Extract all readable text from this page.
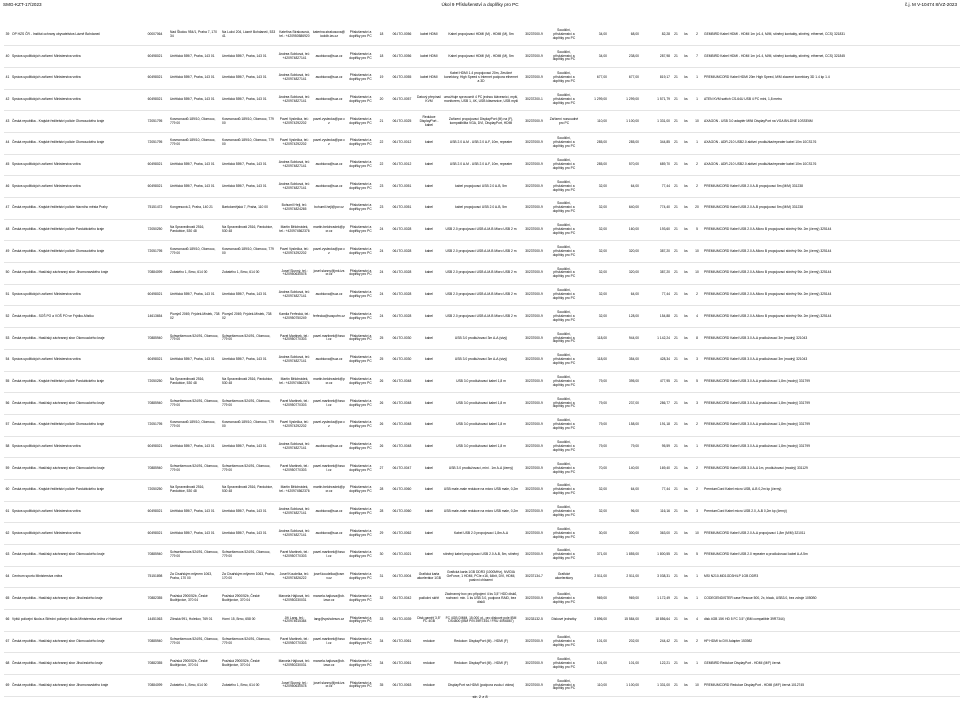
SMG-KZT-17/2023	Úkol 9 Příslušenství a doplňky pro PC	č.j. M V-10474 8/VZ-2023
39	OP HZS ČR - Institut ochrany obyvatelstva Lázně Bohdaneč	00007064	Nad Školou 954/1, Praha 7, 170 34	Na Lužci 204, Lázně Bohdaneč, 533 41	Kateřina Strakosová, tel.: +420950586920	katerina.strakosova@iooldb.izs.cz	Příslušenství a doplňky pro PC	18	06-ITO-0056	kabel HDMI	Kabel propojovací HDMI (M) - HDMI (M), 5m	30237000-9	Soudiční, příslušenství a doplňky pro PC	34,00	68,00	82,28	21	ks	2	GEMBIRD Kabel HDMI - HDMI 1m (v1.4, M/M, stíněný kontakty, stíněný, ethernet, CCS) 321831
40	Správa upolitických zařízení Ministerstva vnitra	60498021	Unětická 559/7, Praha, 143 01	Unetická 559/7, Praha, 143 01	Andrea Sobková, tel.: +420974827141	asobkova@suz.cz	Příslušenství a doplňky pro PC	18	06-ITO-0056	kabel HDMI	Kabel propojovací HDMI (M) - HDMI (M), 5m	30237000-9	Soudiční, příslušenství a doplňky pro PC	34,00	238,00	287,98	21	ks	7	GEMBIRD Kabel HDMI - HDMI 1m (v1.4, M/M, stíněný kontakty, stíněný, ethernet, CCS) 321845
41	Správa upolitických zařízení Ministerstva vnitra	60498021	Unětická 559/7, Praha, 143 01	Unetická 559/7, Praha, 143 01	Andrea Sobková, tel.: +420974827141	asobkova@suz.cz	Příslušenství a doplňky pro PC	19	06-ITO-0055	kabel HDMI	Kabel HDMI 1.4 propojovací 20m, Zesíčné konektory, High Speed s Internet podpora ethernet a 3D	30237000-9	Soudiční, příslušenství a doplňky pro PC	677,00	677,00	819,17	21	ks	1	PREMIUMCORD Kabel HDMI 20m High Speed, M/M zlacené konektory 3D 1.4 kp 1.4
42	Správa upolitických zařízení Ministerstva vnitra	60498021	Unětická 559/7, Praha, 143 01	Unetická 559/7, Praha, 143 01	Andrea Sobková, tel.: +420974827141	asobkova@suz.cz	Příslušenství a doplňky pro PC	20	06-ITO-0057	Datový přepínač KVM	umožňuje sprovoznit 4 PC jednou klávesnicí, myší, monitorem, USB 1, 4K, USB klávesnice, USB myši	30237200-1	Soudiční, příslušenství a doplňky pro PC	1 299,00	1 299,00	1 571,79	21	ks	1	ATEN KVM switch CS-64U USB 4 PC mini, 1,8 metru
43	Česká republika - Krajské ředitelství policie Olomouckého kraje	72051795	Kosmonautů 189/10, Olomouc, 779 00	Kosmonautů 189/10, Olomouc, 779 00	Pavel Vyslečka, tel.: +420974292202	pavel.vyslecka@pcr.cz	Příslušenství a doplňky pro PC	21	06-ITO-0025	Redukce DisplayPort - kabel	Zařízení propojovací DisplayPort (M) na (F), kompatibilita VGA, DVI, DisplayPort, HDMI	30237000-9	Zařízení rozsoudné pro PC	110,00	1 100,00	1 331,00	21	ks	10	AXAGON - USB 3.0 adaptér MINI DisplayPort na VGA BN-DNE 10SSE6M
44	Česká republika - Krajské ředitelství policie Olomouckého kraje	72051795	Kosmonautů 189/10, Olomouc, 779 00	Kosmonautů 189/10, Olomouc, 779 00	Pavel Vyslečka, tel.: +420974292202	pavel.vyslecka@pcr.cz	Příslušenství a doplňky pro PC	22	06-ITO-0012	kabel	USB 2.0 A-M - USB 2.0 A-F, 10m, repeater	30237000-9	Soudiční, příslušenství a doplňky pro PC	285,00	285,00	344,85	21	ks	1	AXAGON - ADR-210 USB2.0 aktivní prodlužka/repeater kabel 10m 10CS176
45	Správa upolitických zařízení Ministerstva vnitra	60498021	Unětická 559/7, Praha, 143 01	Unetická 559/7, Praha, 143 01	Andrea Sobková, tel.: +420974827141	asobkova@suz.cz	Příslušenství a doplňky pro PC	22	06-ITO-0012	kabel	USB 2.0 A-M - USB 2.0 A-F, 10m, repeater	30237000-9	Soudiční, příslušenství a doplňky pro PC	285,00	570,00	689,70	21	ks	2	AXAGON - ADR-210 USB2.0 aktivní prodlužka/repeater kabel 10m 10CS176
46	Správa upolitických zařízení Ministerstva vnitra	60498021	Unětická 559/7, Praha, 143 01	Unetická 559/7, Praha, 143 01	Andrea Sobková, tel.: +420974827141	asobkova@suz.cz	Příslušenství a doplňky pro PC	23	06-ITO-0051	kabel	kabel propojovací USB 2.0 A-B, 5m	30237000-9	Soudiční, příslušenství a doplňky pro PC	32,00	64,00	77,44	21	ks	2	PREMIUMCORD Kabel USB 2.0 A-B propojovací 5m (M/M) 331238
47	Česká republika - Krajské ředitelství policie hlavního města Prahy	75151472	Kongresová 2, Praha, 140 21	Bartolomějská 7, Praha, 110 00	Bohumil Hejl, tel.: +420974824265	bohumil.hejl@pcr.cz	Příslušenství a doplňky pro PC	23	06-ITO-0051	kabel	kabel propojovací USB 2.0 A-B, 5m	30237000-9	Soudiční, příslušenství a doplňky pro PC	32,00	640,00	774,40	21	ks	20	PREMIUMCORD Kabel USB 2.0 A-B propojovací 5m (M/M) 331238
48	Česká republika - Krajské ředitelství policie Pardubického kraje	72050250	Na Spravedlnosti 2516, Pardubice, 530 48	Na Spravedlnosti 2516, Pardubice, 530 48	Martin Bělohrádek, tel.: +420974562376	martin.belohradek@pcr.cz	Příslušenství a doplňky pro PC	24	06-ITO-0028	kabel	USB 2.0 propojovací USB A-M-B Micro USB 2 m	30237000-9	Soudiční, příslušenství a doplňky pro PC	32,00	160,00	193,60	21	ks	5	PREMIUMCORD Kabel USB 2.0 A-Micro B propojovací stíněný 9šr. 2m (černý) 325144
49	Česká republika - Krajské ředitelství policie Olomouckého kraje	72051795	Kosmonautů 189/10, Olomouc, 779 00	Kosmonautů 189/10, Olomouc, 779 00	Pavel Vyslečka, tel.: +420974292202	pavel.vyslecka@pcr.cz	Příslušenství a doplňky pro PC	24	06-ITO-0028	kabel	USB 2.0 propojovací USB A-M-B Micro USB 2 m	30237000-9	Soudiční, příslušenství a doplňky pro PC	32,00	320,00	387,20	21	ks	10	PREMIUMCORD Kabel USB 2.0 A-Micro B propojovací stíněný 9šr. 2m (černý) 325144
50	Česká republika - Hasičský záchranný sbor Jihomoravského kraje	70884099	Zubatého 1, Brno, 614 00	Zubatého 1, Brno, 614 00	Josef Slunný, tel.: +420950630578	josef.slunny@jmk.izscr.cz	Příslušenství a doplňky pro PC	24	06-ITO-0028	kabel	USB 2.0 propojovací USB A-M-B Micro USB 2 m	30237000-9	Soudiční, příslušenství a doplňky pro PC	32,00	320,00	387,20	21	ks	10	PREMIUMCORD Kabel USB 2.0 A-Micro B propojovací stíněný 9šr. 2m (černý) 325144
51	Správa upolitických zařízení Ministerstva vnitra	60498021	Unětická 559/7, Praha, 143 01	Unetická 559/7, Praha, 143 01	Andrea Sobková, tel.: +420974827141	asobkova@suz.cz	Příslušenství a doplňky pro PC	24	06-ITO-0028	kabel	USB 2.0 propojovací USB A-M-B Micro USB 2 m	30237000-9	Soudiční, příslušenství a doplňky pro PC	32,00	64,00	77,44	21	ks	2	PREMIUMCORD Kabel USB 2.0 A-Micro B propojovací stíněný 9šr. 2m (černý) 325144
52	Česká republika - SOŠ PO a VOŠ PO ve Frýdku-Místku	14613654	Pionýrů 2069, Frýdek-Místek, 738 02	Pionýrů 2069, Frýdek-Místek, 738 02	Kamila Ferfecká, tel.: +420950750249	ferfecka@sospofm.cz	Příslušenství a doplňky pro PC	24	06-ITO-0028	kabel	USB 2.0 propojovací USB A-M-B Micro USB 2 m	30237000-9	Soudiční, příslušenství a doplňky pro PC	32,00	128,00	154,88	21	ks	4	PREMIUMCORD Kabel USB 2.0 A-Micro B propojovací stíněný 9šr. 2m (černý) 325144
53	Česká republika - Hasičský záchranný sbor Olomouckého kraje	70885940	Schweitzerova 524/91, Olomouc, 779 00	Schweitzerova 524/91, Olomouc, 779 00	Pavel Martinek, tel.: +420950770303	pavel.martinek@hzsol.cz	Příslušenství a doplňky pro PC	25	06-ITO-0030	kabel	USB 3.0 prodlužovací 3m A-A (sivý)	30237000-9	Soudiční, příslušenství a doplňky pro PC	118,00	944,00	1 142,24	21	ks	8	PREMIUMCORD Kabel USB 3.0 A-A prodlužovací 3m (modrý) 321043
54	Správa upolitických zařízení Ministerstva vnitra	60498021	Unětická 559/7, Praha, 143 01	Unetická 559/7, Praha, 143 01	Andrea Sobková, tel.: +420974827141	asobkova@suz.cz	Příslušenství a doplňky pro PC	25	06-ITO-0030	kabel	USB 3.0 prodlužovací 3m A-A (sivý)	30237000-9	Soudiční, příslušenství a doplňky pro PC	118,00	354,00	428,34	21	ks	3	PREMIUMCORD Kabel USB 3.0 A-A prodlužovací 3m (modrý) 321043
55	Česká republika - Krajské ředitelství policie Pardubického kraje	72050250	Na Spravedlnosti 2516, Pardubice, 530 48	Na Spravedlnosti 2516, Pardubice, 530 48	Martin Bělohrádek, tel.: +420974562376	martin.belohradek@pcr.cz	Příslušenství a doplňky pro PC	26	06-ITO-0048	kabel	USB 3.0 prodlužovací kabel 1,8 m	30237000-9	Soudiční, příslušenství a doplňky pro PC	79,00	395,00	477,95	21	ks	5	PREMIUMCORD Kabel USB 3.0 A-A prodlužovací 1,8m (modrý) 331799
56	Česká republika - Hasičský záchranný sbor Olomouckého kraje	70885940	Schweitzerova 524/91, Olomouc, 779 00	Schweitzerova 524/91, Olomouc, 779 00	Pavel Martinek, tel.: +420950770303	pavel.martinek@hzsol.cz	Příslušenství a doplňky pro PC	26	06-ITO-0048	kabel	USB 3.0 prodlužovací kabel 1,8 m	30237000-9	Soudiční, příslušenství a doplňky pro PC	79,00	237,00	286,77	21	ks	3	PREMIUMCORD Kabel USB 3.0 A-A prodlužovací 1,8m (modrý) 331799
57	Česká republika - Krajské ředitelství policie Olomouckého kraje	72051795	Kosmonautů 189/10, Olomouc, 779 00	Kosmonautů 189/10, Olomouc, 779 00	Pavel Vyslečka, tel.: +420974292202	pavel.vyslecka@pcr.cz	Příslušenství a doplňky pro PC	26	06-ITO-0048	kabel	USB 3.0 prodlužovací kabel 1,8 m	30237000-9	Soudiční, příslušenství a doplňky pro PC	79,00	158,00	191,18	21	ks	2	PREMIUMCORD Kabel USB 3.0 A-A prodlužovací 1,8m (modrý) 331799
58	Správa upolitických zařízení Ministerstva vnitra	60498021	Unětická 559/7, Praha, 143 01	Unetická 559/7, Praha, 143 01	Andrea Sobková, tel.: +420974827141	asobkova@suz.cz	Příslušenství a doplňky pro PC	26	06-ITO-0048	kabel	USB 3.0 prodlužovací kabel 1,8 m	30237000-9	Soudiční, příslušenství a doplňky pro PC	79,00	79,00	95,59	21	ks	1	PREMIUMCORD Kabel USB 3.0 A-A prodlužovací 1,8m (modrý) 331799
59	Česká republika - Hasičský záchranný sbor Olomouckého kraje	70885940	Schweitzerova 524/91, Olomouc, 779 00	Schweitzerova 524/91, Olomouc, 779 00	Pavel Martinek, tel.: +420950770303	pavel.martinek@hzsol.cz	Příslušenství a doplňky pro PC	27	06-ITO-0047	kabel	USB 3.0 prodlužovací, mini . 1m A-A (černý)	30237000-9	Soudiční, příslušenství a doplňky pro PC	70,00	140,00	169,40	21	ks	2	PREMIUMCORD Kabel USB 3.0 A-A 1m, prodlužovací (modrý) 331129
60	Česká republika - Krajské ředitelství policie Pardubického kraje	72050250	Na Spravedlnosti 2516, Pardubice, 530 48	Na Spravedlnosti 2516, Pardubice, 530 48	Martin Bělohrádek, tel.: +420974562376	martin.belohradek@pcr.cz	Příslušenství a doplňky pro PC	28	06-ITO-0060	kabel	USB male-male redukce na micro USB male, 0,2m	30237000-9	Soudiční, příslušenství a doplňky pro PC	32,00	64,00	77,44	21	ks	2	PremiumCord Kabel micro USB, A-B 0,2m kp (černý)
61	Správa upolitických zařízení Ministerstva vnitra	60498021	Unětická 559/7, Praha, 143 01	Unetická 559/7, Praha, 143 01	Andrea Sobková, tel.: +420974827141	asobkova@suz.cz	Příslušenství a doplňky pro PC	28	06-ITO-0060	kabel	USB male-male redukce na micro USB male, 0,2m	30237000-9	Soudiční, příslušenství a doplňky pro PC	32,00	96,00	116,16	21	ks	3	PremiumCord Kabel micro USB 2.0, A-B 0,2m kp (černý)
62	Správa upolitických zařízení Ministerstva vnitra	60498021	Unětická 559/7, Praha, 143 01	Unetická 559/7, Praha, 143 01	Andrea Sobková, tel.: +420974827141	asobkova@suz.cz	Příslušenství a doplňky pro PC	29	06-ITO-0062	kabel	Kabel USB 2.0 propojovací 1,8m A-A	30237000-9	Soudiční, příslušenství a doplňky pro PC	30,00	300,00	363,00	21	ks	10	PREMIUMCORD Kabel USB 2.0 A-A propojovací 1,8m (M/M) 321011
63	Česká republika - Hasičský záchranný sbor Olomouckého kraje	70885940	Schweitzerova 524/91, Olomouc, 779 00	Schweitzerova 524/91, Olomouc, 779 00	Pavel Martinek, tel.: +420950770303	pavel.martinek@hzsol.cz	Příslušenství a doplňky pro PC	30	06-ITO-0021	kabel	stíněný kabel propojovací USB 2.0 A-B, 5m, stíněný	30237000-9	Soudiční, příslušenství a doplňky pro PC	371,00	1 855,00	1 800,55	21	ks	5	PREMIUMCORD Kabel USB 2.0 repeater a prodlužovací kabel A-A 5m
64	Centrum sportu Ministerstva vnitra	75151898	Za Císařským mlýnem 1063, Praha, 170 00	Za Císařským mlýnem 1063, Praha, 170 00	Josef Koudelka, tel.: +420974826222	josef.koudelka@csmv.cz	Příslušenství a doplňky pro PC	31	06-ITO-0004	Grafická karta akcelerátor 1GB	Grafická karta 1GB DDR3 (1000MHz), NVIDIA GeForce, 1 HDMI, PCIe x16, 64bit, DVI, HDMI, pasivní chlazení	30237134-7	Grafické akcelerátory	2 511,00	2 511,00	3 038,31	21	ks	1	MSI N210-MD1GD3H/LP 1GB DDR3
65	Česká republika - Hasičský záchranný sbor Jihočeského kraje	70882355	Pražská 2900/52b, České Budějovice, 370 04	Pražská 2900/52b, České Budějovice, 370 04	Marcela Hájková, tel.: +420950230031	marcela.hajkova@cb.izscr.cz	Příslušenství a doplňky pro PC	32	06-ITO-0042	podložní skříň	Záchranný box pro připojení 4 ks 3,5" HDD disků, rozhraní: min. 1 ks USB 3.0, podpora RAID, bez disků	30237000-9	Soudiční, příslušenství a doplňky pro PC	969,00	969,00	1 172,49	21	ks	1	CODEGENDISTER case Rescue 500, 2x, black, USB3.0, bez zdroje 1050B0
66	Vyšší policejní škola a Střední policejní škola Ministerstva vnitra v Holešově	14451063	Zlínská 991, Holešov, 769 01	Horní 15, Brno, 658 00	Jiří Lang, tel.: +420974615384	lang@vpsholesov.cz	Příslušenství a doplňky pro PC	33	06-ITO-0039	Disk paměť 3,5" FC 4GB	FC 4GB DIMM, 15,000 ot., pro diskové pole IBM DS4800 (IBM P/N 39R7344 / FRU 40K6867)	30233132-5	Diskové jednotky	3 896,00	15 584,00	18 856,64	21	ks	4	disk 4GB 15K HD 5 FC 3.5" (IBM compatible 39R7344)
67	Česká republika - Hasičský záchranný sbor Olomouckého kraje	70885940	Schweitzerova 524/91, Olomouc, 779 00	Schweitzerova 524/91, Olomouc, 779 00	Pavel Martinek, tel.: +420950770303	pavel.martinek@hzsol.cz	Příslušenství a doplňky pro PC	34	06-ITO-0061	redukce	Redukce: DisplayPort (M) - HDMI (F)	30237000-9	Soudiční, příslušenství a doplňky pro PC	101,00	202,00	244,42	21	ks	2	HP HDMI to DVI Adapter 153982
68	Česká republika - Hasičský záchranný sbor Jihočeského kraje	70882355	Pražská 2900/52b, České Budějovice, 370 04	Pražská 2900/52b, České Budějovice, 370 04	Marcela Hájková, tel.: +420950230031	marcela.hajkova@cb.izscr.cz	Příslušenství a doplňky pro PC	34	06-ITO-0061	redukce	Redukce: DisplayPort (M) - HDMI (F)	30237000-9	Soudiční, příslušenství a doplňky pro PC	101,00	101,00	122,21	21	ks	1	GEMBIRD Redukce DisplayPort - HDMI (M/F) černá
69	Česká republika - Hasičský záchranný sbor Jihomoravského kraje	70884099	Zubatého 1, Brno, 614 00	Zubatého 1, Brno, 614 00	Josef Slunný, tel.: +420950630578	josef.slunny@jmk.izscr.cz	Příslušenství a doplňky pro PC	35	06-ITO-0063	redukce	DisplayPort na HDMI (podpora zvuku i videa)	30237000-9	Soudiční, příslušenství a doplňky pro PC	110,00	1 100,00	1 331,00	21	ks	10	PREMIUMCORD Redukce DisplayPort - HDMI (M/F) černá 1012745
str. 2 z 8
